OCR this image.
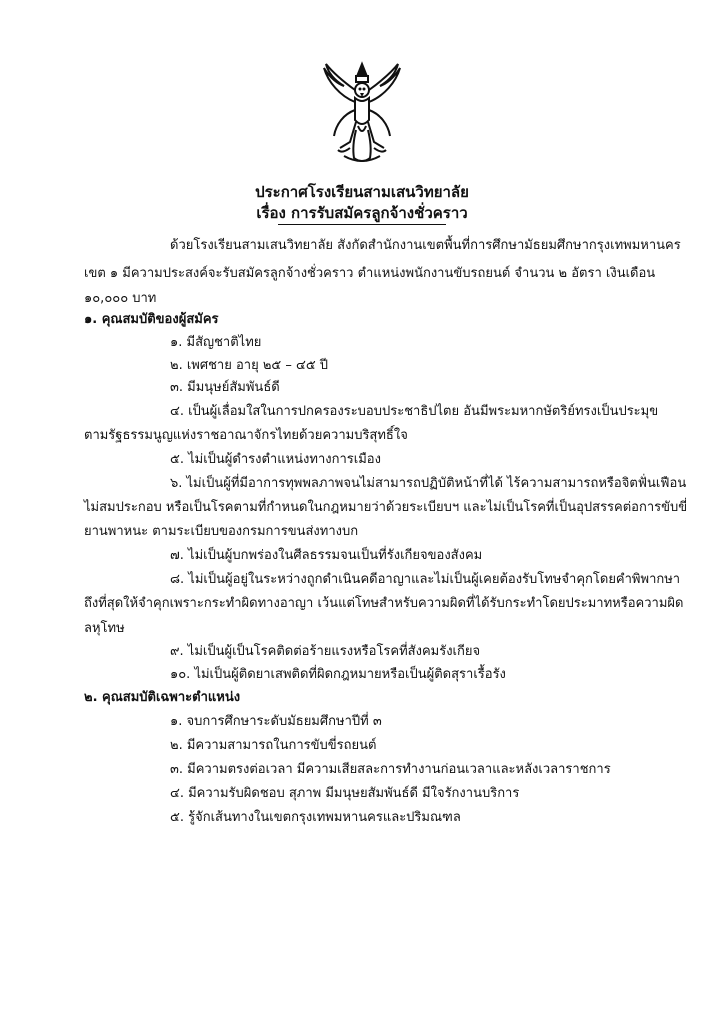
ประกาศโรงเรียนสามเสนวิทยาลัย
เรื่อง การรับสมัครลูกจ้างชั่วคราว
ด้วยโรงเรียนสามเสนวิทยาลัย สังกัดสำนักงานเขตพื้นที่การศึกษามัธยมศึกษากรุงเทพมหานคร
เขต ๑ มีความประสงค์จะรับสมัครลูกจ้างชั่วคราว ตำแหน่งพนักงานขับรถยนต์ จำนวน ๒ อัตรา เงินเดือน
๑๐,๐๐๐ บาท
๑. คุณสมบัติของผู้สมัคร
๑. มีสัญชาติไทย
๒. เพศชาย อายุ ๒๕ – ๔๕ ปี
๓. มีมนุษย์สัมพันธ์ดี
๔. เป็นผู้เลื่อมใสในการปกครองระบอบประชาธิปไตย อันมีพระมหากษัตริย์ทรงเป็นประมุข
ตามรัฐธรรมนูญแห่งราชอาณาจักรไทยด้วยความบริสุทธิ์ใจ
๕. ไม่เป็นผู้ดำรงตำแหน่งทางการเมือง
๖. ไม่เป็นผู้ที่มีอาการทุพพลภาพจนไม่สามารถปฏิบัติหน้าที่ได้ ไร้ความสามารถหรือจิตฟั่นเฟือน
ไม่สมประกอบ หรือเป็นโรคตามที่กำหนดในกฎหมายว่าด้วยระเบียบฯ และไม่เป็นโรคที่เป็นอุปสรรคต่อการขับขี่
ยานพาหนะ ตามระเบียบของกรมการขนส่งทางบก
๗. ไม่เป็นผู้บกพร่องในศีลธรรมจนเป็นที่รังเกียจของสังคม
๘. ไม่เป็นผู้อยู่ในระหว่างถูกดำเนินคดีอาญาและไม่เป็นผู้เคยต้องรับโทษจำคุกโดยคำพิพากษา
ถึงที่สุดให้จำคุกเพราะกระทำผิดทางอาญา เว้นแต่โทษสำหรับความผิดที่ได้รับกระทำโดยประมาทหรือความผิด
ลหุโทษ
๙. ไม่เป็นผู้เป็นโรคติดต่อร้ายแรงหรือโรคที่สังคมรังเกียจ
๑๐. ไม่เป็นผู้ติดยาเสพติดที่ผิดกฎหมายหรือเป็นผู้ติดสุราเรื้อรัง
๒. คุณสมบัติเฉพาะตำแหน่ง
๑. จบการศึกษาระดับมัธยมศึกษาปีที่ ๓
๒. มีความสามารถในการขับขี่รถยนต์
๓. มีความตรงต่อเวลา มีความเสียสละการทำงานก่อนเวลาและหลังเวลาราชการ
๔. มีความรับผิดชอบ สุภาพ มีมนุษยสัมพันธ์ดี มีใจรักงานบริการ
๕. รู้จักเส้นทางในเขตกรุงเทพมหานครและปริมณฑล
